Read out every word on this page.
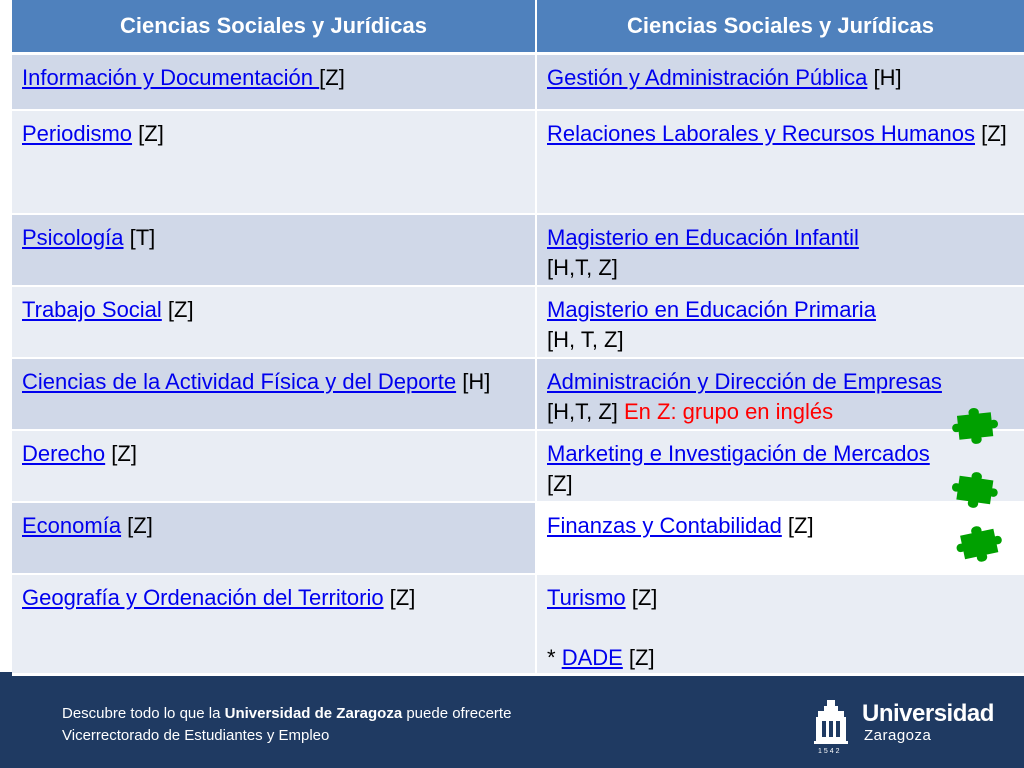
Ciencias Sociales y Jurídicas	Ciencias Sociales y Jurídicas
Información y Documentación [Z]	Gestión y Administración Pública [H]
Periodismo [Z]	Relaciones Laborales y Recursos Humanos [Z]
Psicología [T]	Magisterio en Educación Infantil
[H,T, Z]
Trabajo Social [Z]	Magisterio en Educación Primaria
[H, T, Z]
Ciencias de la Actividad Física y del Deporte [H]	Administración y Dirección de Empresas
[H,T, Z] En Z: grupo en inglés
Derecho [Z]	Marketing e Investigación de Mercados
[Z]
Economía [Z]	Finanzas y Contabilidad [Z]
Geografía y Ordenación del Territorio [Z]	Turismo [Z]

* DADE [Z]
Descubre todo lo que la Universidad de Zaragoza puede ofrecerte
Vicerrectorado de Estudiantes y Empleo
1542
Universidad
Zaragoza
